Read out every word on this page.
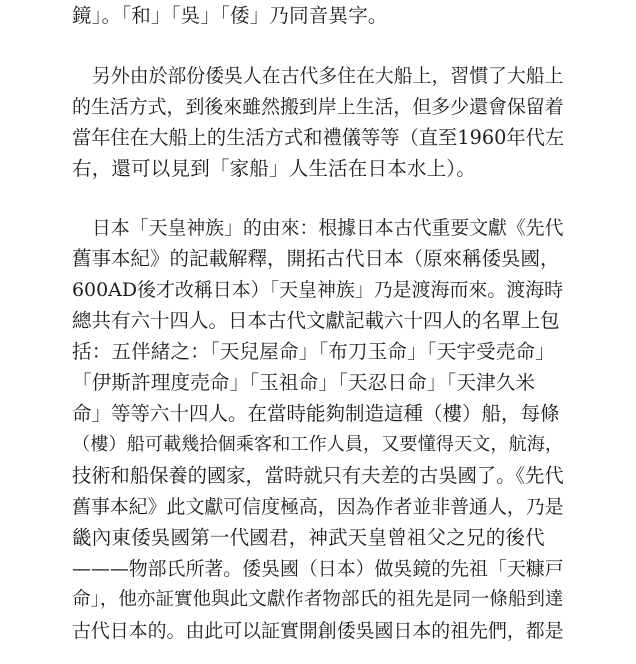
鏡」。「和」「吳」「倭」乃同音異字。
另外由於部份倭吳人在古代多住在大船上，習慣了大船上
的生活方式，到後來雖然搬到岸上生活，但多少還會保留着
當年住在大船上的生活方式和禮儀等等（直至1960年代左
右，還可以見到「家船」人生活在日本水上）。
日本「天皇神族」的由來：根據日本古代重要文獻《先代
舊事本紀》的記載解釋，開拓古代日本（原來稱倭吳國，
600AD後才改稱日本）「天皇神族」乃是渡海而來。渡海時
總共有六十四人。日本古代文獻記載六十四人的名單上包
括：五伴緒之：「天兒屋命」「布刀玉命」「天宇受売命」
「伊斯許理度売命」「玉祖命」「天忍日命」「天津久米
命」等等六十四人。在當時能夠制造這種（樓）船，每條
（樓）船可載幾拾個乘客和工作人員，又要懂得天文，航海，
技術和船保養的國家，當時就只有夫差的古吳國了。《先代
舊事本紀》此文獻可信度極高，因為作者並非普通人，乃是
畿內東倭吳國第一代國君，神武天皇曾祖父之兄的後代
———物部氏所著。倭吳國（日本）做吳鏡的先祖「天糠戸
命」，他亦証實他與此文獻作者物部氏的祖先是同一條船到達
古代日本的。由此可以証實開創倭吳國日本的祖先們，都是
